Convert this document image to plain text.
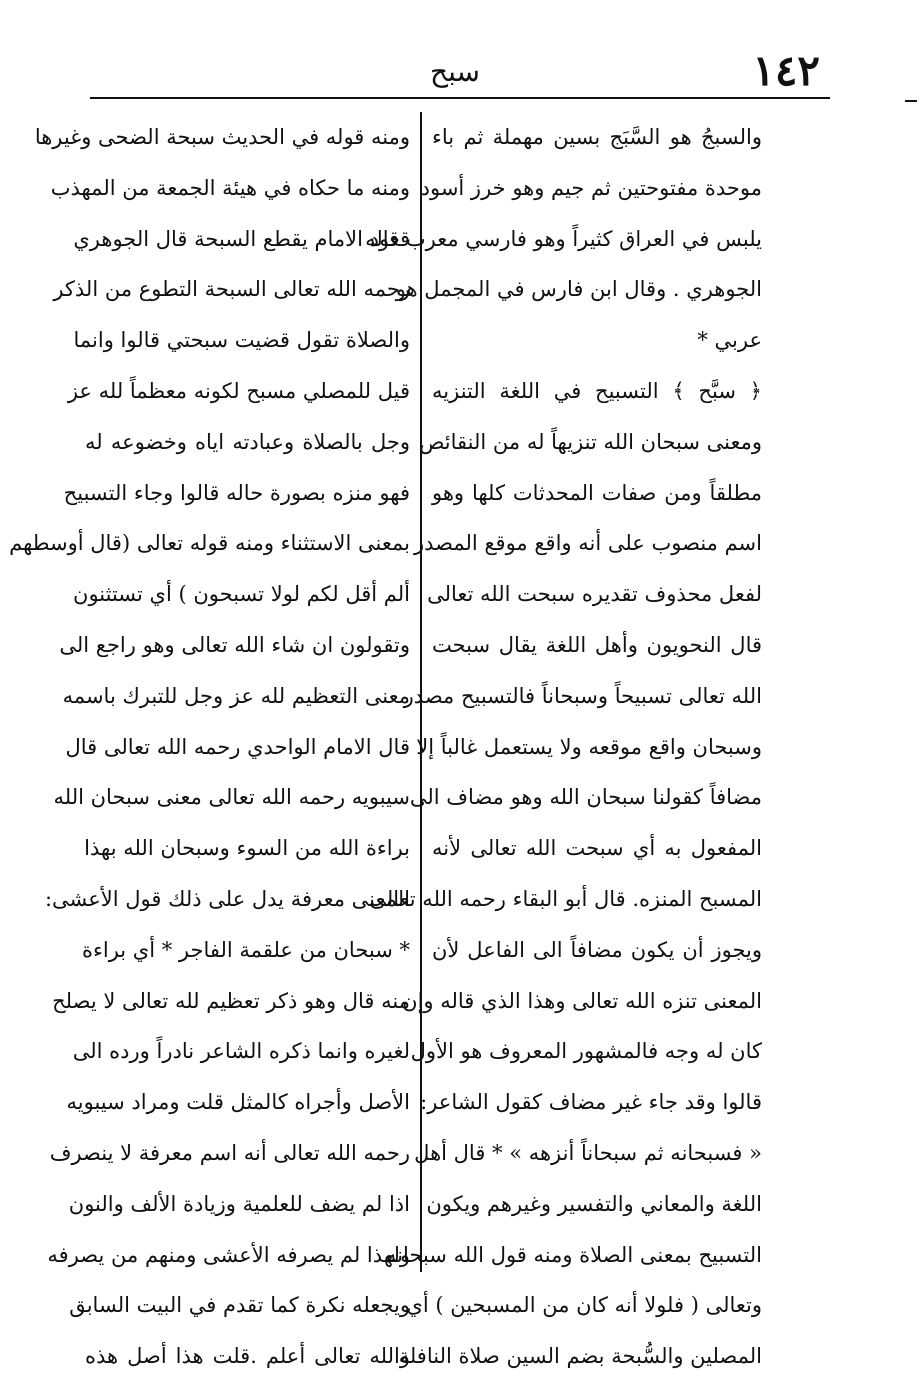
١٤٢
سبح
والسبجُ هو السَّبَج بسين مهملة ثم باء
موحدة مفتوحتين ثم جيم وهو خرز أسود
يلبس في العراق كثيراً وهو فارسي معرب قاله
الجوهري . وقال ابن فارس في المجمل هو
عربي *
﴿ سبَّح ﴾ التسبيح في اللغة التنزيه
ومعنى سبحان الله تنزيهاً له من النقائص
مطلقاً ومن صفات المحدثات كلها وهو
اسم منصوب على أنه واقع موقع المصدر
لفعل محذوف تقديره سبحت الله تعالى
قال النحويون وأهل اللغة يقال سبحت
الله تعالى تسبيحاً وسبحاناً فالتسبيح مصدر
وسبحان واقع موقعه ولا يستعمل غالباً إلا
مضافاً كقولنا سبحان الله وهو مضاف الى
المفعول به أي سبحت الله تعالى لأنه
المسبح المنزه. قال أبو البقاء رحمه الله تعالى
ويجوز أن يكون مضافاً الى الفاعل لأن
المعنى تنزه الله تعالى وهذا الذي قاله وإن
كان له وجه فالمشهور المعروف هو الأول
قالوا وقد جاء غير مضاف كقول الشاعر:
« فسبحانه ثم سبحاناً أنزهه » * قال أهل
اللغة والمعاني والتفسير وغيرهم ويكون
التسبيح بمعنى الصلاة ومنه قول الله سبحانه
وتعالى ( فلولا أنه كان من المسبحين ) أي
المصلين والسُّبحة بضم السين صلاة النافلة
ومنه قوله في الحديث سبحة الضحى وغيرها
ومنه ما حكاه في هيئة الجمعة من المهذب
قعود الامام يقطع السبحة قال الجوهري
رحمه الله تعالى السبحة التطوع من الذكر
والصلاة تقول قضيت سبحتي قالوا وانما
قيل للمصلي مسبح لكونه معظماً لله عز
وجل بالصلاة وعبادته اياه وخضوعه له
فهو منزه بصورة حاله قالوا وجاء التسبيح
بمعنى الاستثناء ومنه قوله تعالى (قال أوسطهم
ألم أقل لكم لولا تسبحون ) أي تستثنون
وتقولون ان شاء الله تعالى وهو راجع الى
معنى التعظيم لله عز وجل للتبرك باسمه
قال الامام الواحدي رحمه الله تعالى قال
سيبويه رحمه الله تعالى معنى سبحان الله
براءة الله من السوء وسبحان الله بهذا
المعنى معرفة يدل على ذلك قول الأعشى:
* سبحان من علقمة الفاجر * أي براءة
منه قال وهو ذكر تعظيم لله تعالى لا يصلح
لغيره وانما ذكره الشاعر نادراً ورده الى
الأصل وأجراه كالمثل قلت ومراد سيبويه
رحمه الله تعالى أنه اسم معرفة لا ينصرف
اذا لم يضف للعلمية وزيادة الألف والنون
ولهذا لم يصرفه الأعشى ومنهم من يصرفه
ويجعله نكرة كما تقدم في البيت السابق
والله تعالى أعلم .قلت هذا أصل هذه
